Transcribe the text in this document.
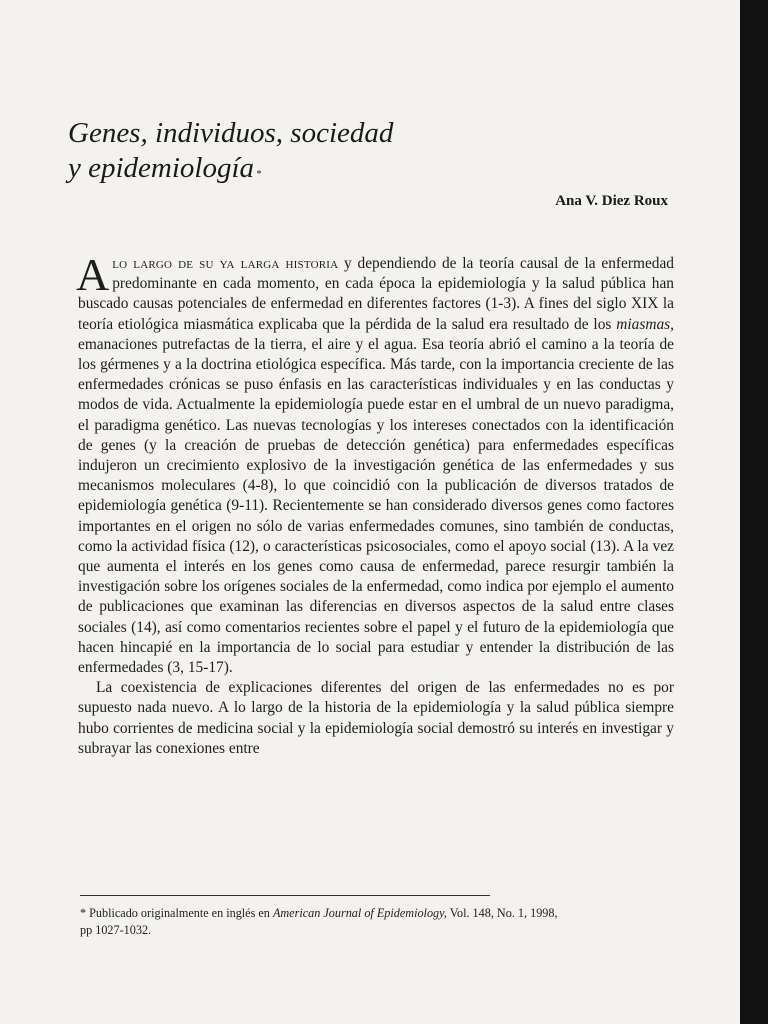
Genes, individuos, sociedad
y epidemiología *
Ana V. Diez Roux

Alo largo de su ya larga historia y dependiendo de la teoría causal de la enfermedad predominante en cada momento, en cada época la epidemiología y la salud pública han buscado causas potenciales de enfermedad en diferentes factores (1-3). A fines del siglo XIX la teoría etiológica miasmática explicaba que la pérdida de la salud era resultado de los miasmas, emanaciones putrefactas de la tierra, el aire y el agua. Esa teoría abrió el camino a la teoría de los gérmenes y a la doctrina etiológica específica. Más tarde, con la importancia creciente de las enfermedades crónicas se puso énfasis en las características individuales y en las conductas y modos de vida. Actualmente la epidemiología puede estar en el umbral de un nuevo paradigma, el paradigma genético. Las nuevas tecnologías y los intereses conectados con la identificación de genes (y la creación de pruebas de detección genética) para enfermedades específicas indujeron un crecimiento explosivo de la investigación genética de las enfermedades y sus mecanismos moleculares (4-8), lo que coincidió con la publicación de diversos tratados de epidemiología genética (9-11). Recientemente se han considerado diversos genes como factores importantes en el origen no sólo de varias enfermedades comunes, sino también de conductas, como la actividad física (12), o características psicosociales, como el apoyo social (13). A la vez que aumenta el interés en los genes como causa de enfermedad, parece resurgir también la investigación sobre los orígenes sociales de la enfermedad, como indica por ejemplo el aumento de publicaciones que examinan las diferencias en diversos aspectos de la salud entre clases sociales (14), así como comentarios recientes sobre el papel y el futuro de la epidemiología que hacen hincapié en la importancia de lo social para estudiar y entender la distribución de las enfermedades (3, 15-17).

La coexistencia de explicaciones diferentes del origen de las enfermedades no es por supuesto nada nuevo. A lo largo de la historia de la epidemiología y la salud pública siempre hubo corrientes de medicina social y la epidemiología social demostró su interés en investigar y subrayar las conexiones entre

* Publicado originalmente en inglés en American Journal of Epidemiology, Vol. 148, No. 1, 1998,
pp 1027-1032.
